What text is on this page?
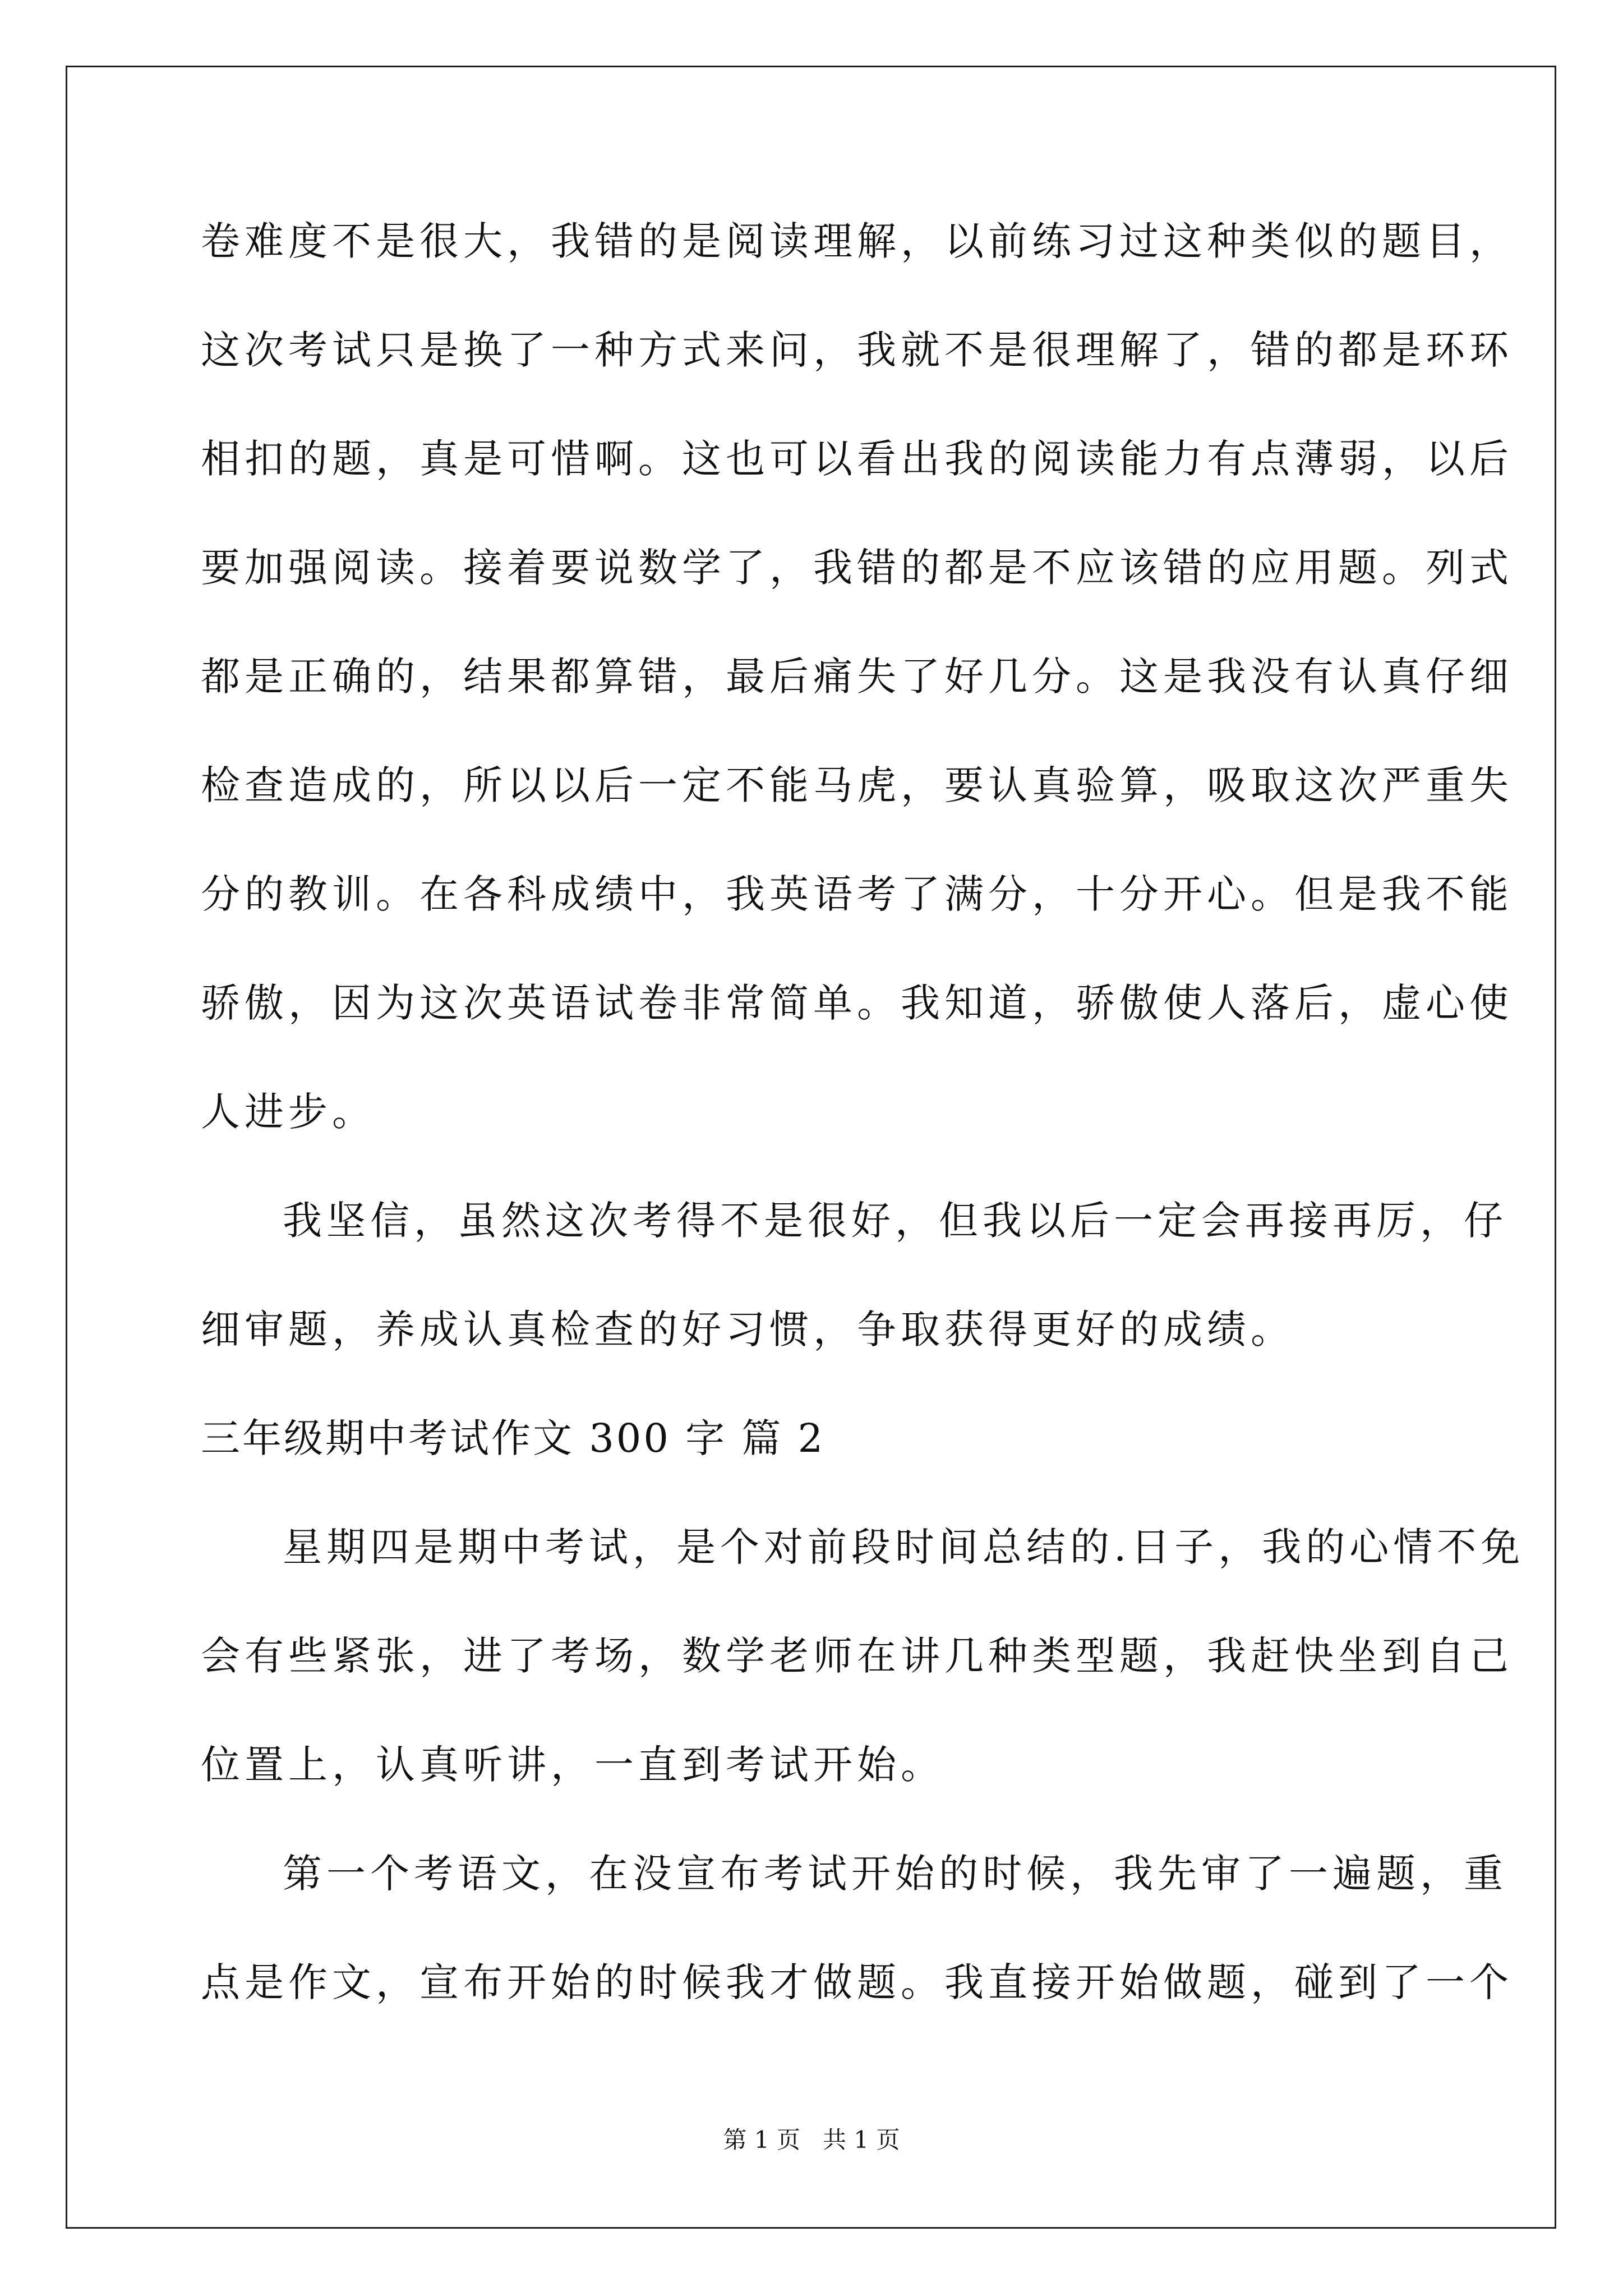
卷难度不是很大，我错的是阅读理解，以前练习过这种类似的题目，
这次考试只是换了一种方式来问，我就不是很理解了，错的都是环环
相扣的题，真是可惜啊。这也可以看出我的阅读能力有点薄弱，以后
要加强阅读。接着要说数学了，我错的都是不应该错的应用题。列式
都是正确的，结果都算错，最后痛失了好几分。这是我没有认真仔细
检查造成的，所以以后一定不能马虎，要认真验算，吸取这次严重失
分的教训。在各科成绩中，我英语考了满分，十分开心。但是我不能
骄傲，因为这次英语试卷非常简单。我知道，骄傲使人落后，虚心使
人进步。
我坚信，虽然这次考得不是很好，但我以后一定会再接再厉，仔
细审题，养成认真检查的好习惯，争取获得更好的成绩。
三年级期中考试作文 300 字 篇 2
星期四是期中考试，是个对前段时间总结的.日子，我的心情不免
会有些紧张，进了考场，数学老师在讲几种类型题，我赶快坐到自己
位置上，认真听讲，一直到考试开始。
第一个考语文，在没宣布考试开始的时候，我先审了一遍题，重
点是作文，宣布开始的时候我才做题。我直接开始做题，碰到了一个
第 1 页   共 1 页
